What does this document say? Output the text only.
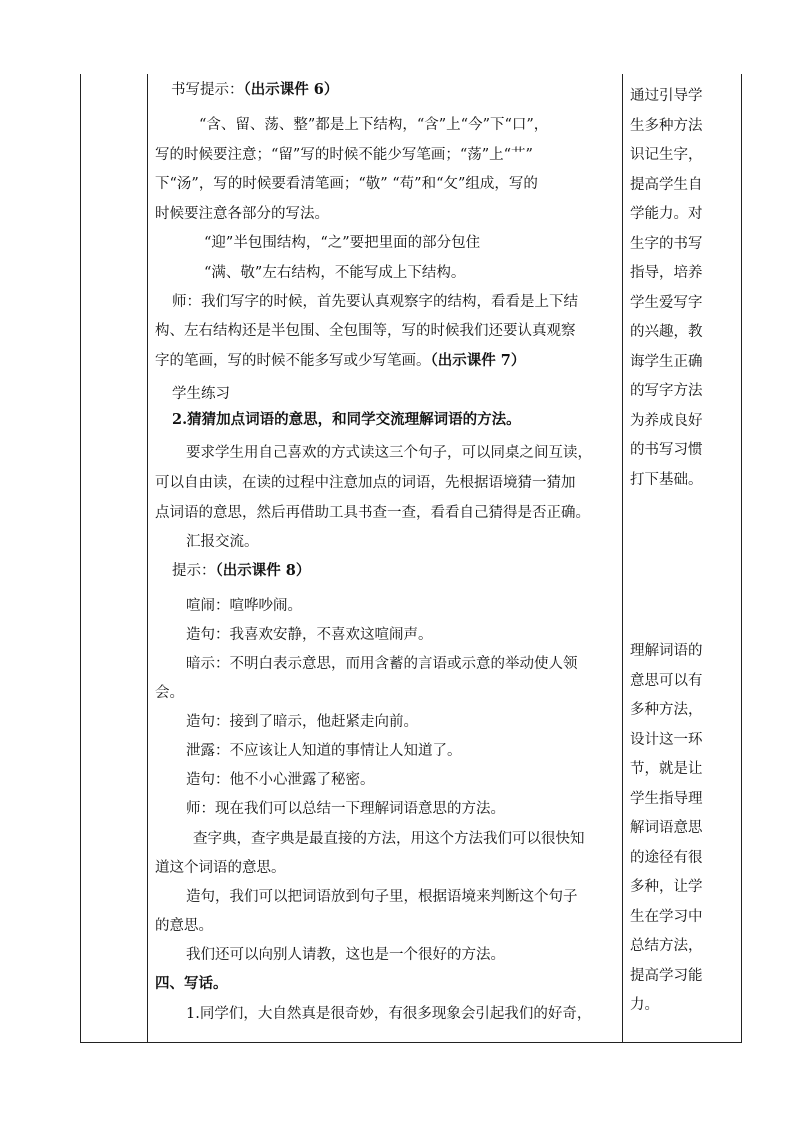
书写提示：（出示课件 6）
“含、留、荡、整”都是上下结构，“含”上“今”下“口”，
写的时候要注意；“留”写的时候不能少写笔画；“荡”上“艹”
下“汤”，写的时候要看清笔画；“敬” “苟”和“攵”组成，写的
时候要注意各部分的写法。
“迎”半包围结构，“之”要把里面的部分包住
“满、敬”左右结构，不能写成上下结构。
师：我们写字的时候，首先要认真观察字的结构，看看是上下结
构、左右结构还是半包围、全包围等，写的时候我们还要认真观察
字的笔画，写的时候不能多写或少写笔画。（出示课件 7）
学生练习
2.猜猜加点词语的意思，和同学交流理解词语的方法。
要求学生用自己喜欢的方式读这三个句子，可以同桌之间互读，
可以自由读，在读的过程中注意加点的词语，先根据语境猜一猜加
点词语的意思，然后再借助工具书查一查，看看自己猜得是否正确。
汇报交流。
提示：（出示课件 8）
喧闹：喧哗吵闹。
造句：我喜欢安静，不喜欢这喧闹声。
暗示：不明白表示意思，而用含蓄的言语或示意的举动使人领
会。
造句：接到了暗示，他赶紧走向前。
泄露：不应该让人知道的事情让人知道了。
造句：他不小心泄露了秘密。
师：现在我们可以总结一下理解词语意思的方法。
查字典，查字典是最直接的方法，用这个方法我们可以很快知
道这个词语的意思。
造句，我们可以把词语放到句子里，根据语境来判断这个句子
的意思。
我们还可以向别人请教，这也是一个很好的方法。
四、写话。
1.同学们，大自然真是很奇妙，有很多现象会引起我们的好奇，
通过引导学
生多种方法
识记生字，
提高学生自
学能力。对
生字的书写
指导，培养
学生爱写字
的兴趣，教
诲学生正确
的写字方法
为养成良好
的书写习惯
打下基础。
理解词语的
意思可以有
多种方法，
设计这一环
节，就是让
学生指导理
解词语意思
的途径有很
多种，让学
生在学习中
总结方法，
提高学习能
力。
